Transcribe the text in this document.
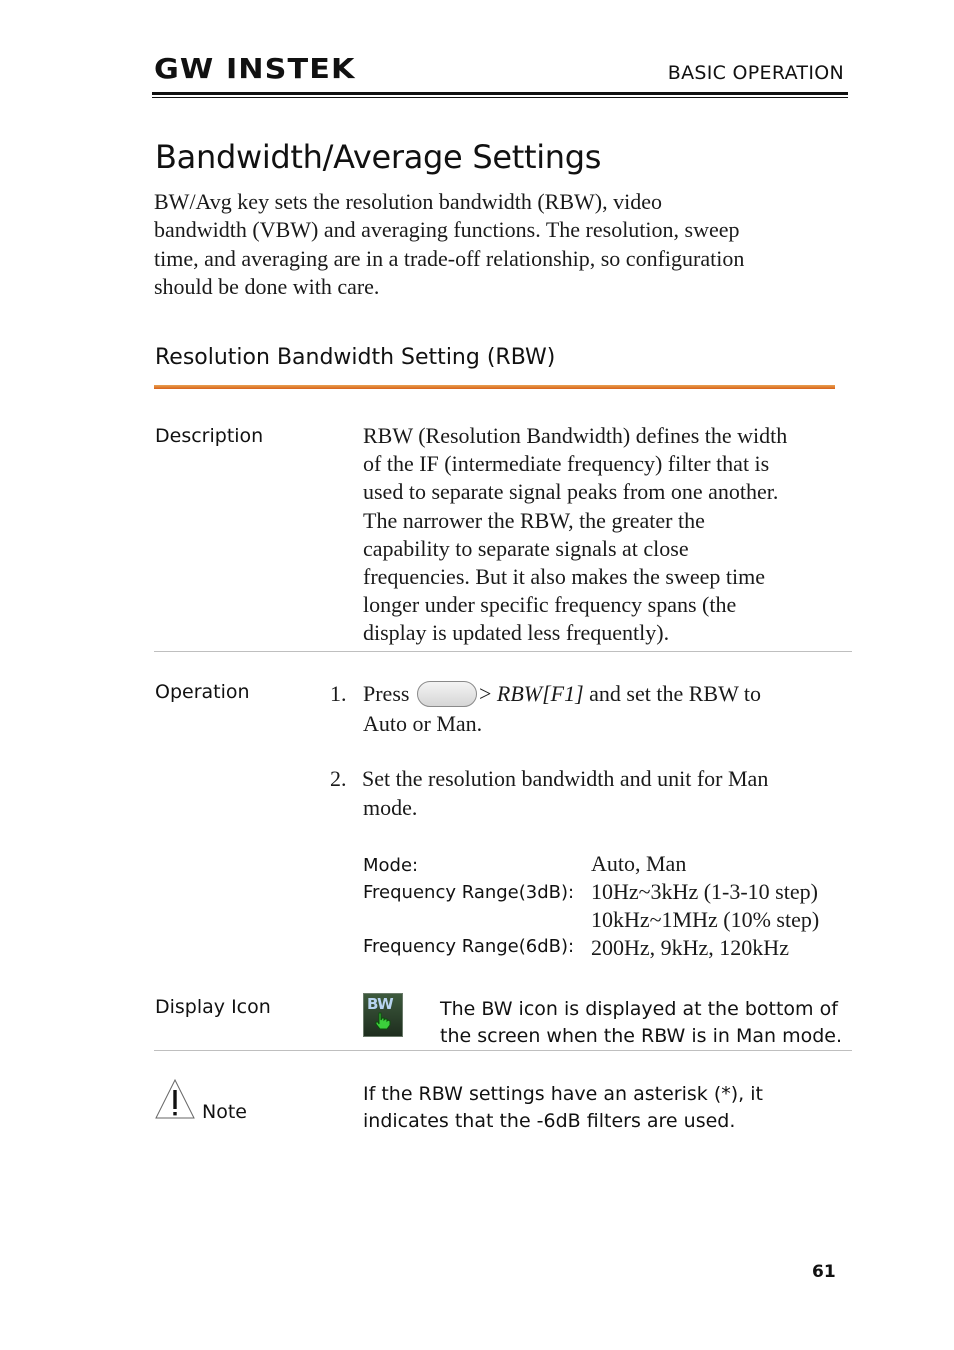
GW INSTEK	BASIC OPERATION
Bandwidth/Average Settings
BW/Avg key sets the resolution bandwidth (RBW), video
bandwidth (VBW) and averaging functions. The resolution, sweep
time, and averaging are in a trade-off relationship, so configuration
should be done with care.
Resolution Bandwidth Setting (RBW)
Description	RBW (Resolution Bandwidth) defines the width
of the IF (intermediate frequency) filter that is
used to separate signal peaks from one another.
The narrower the RBW, the greater the
capability to separate signals at close
frequencies. But it also makes the sweep time
longer under specific frequency spans (the
display is updated less frequently).
Operation	1. Press	> RBW[F1] and set the RBW to
Auto or Man.
2. Set the resolution bandwidth and unit for Man
mode.
Mode:	Auto, Man
Frequency Range(3dB): 10Hz~3kHz (1-3-10 step)
10kHz~1MHz (10% step)
Frequency Range(6dB): 200Hz, 9kHz, 120kHz
Display Icon	BW The BW icon is displayed at the bottom of
the screen when the RBW is in Man mode.
Note
If the RBW settings have an asterisk (*), it
indicates that the -6dB filters are used.
61
